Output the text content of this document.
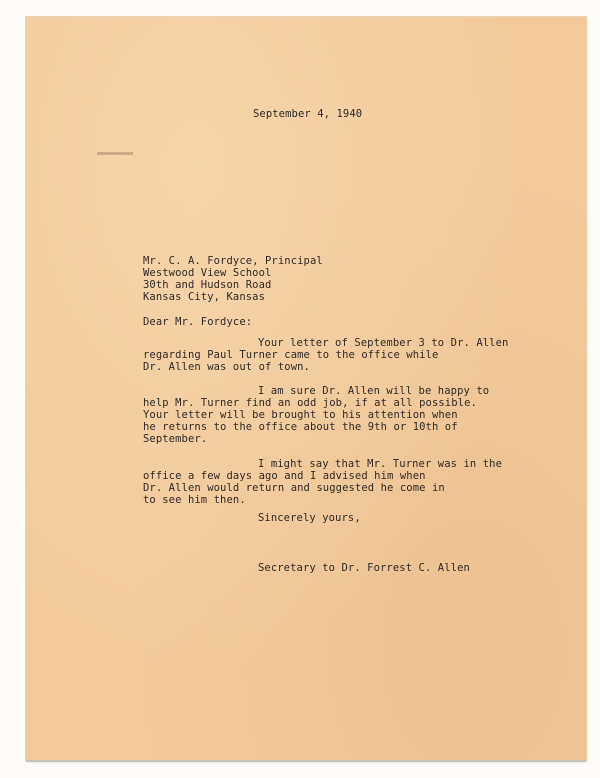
September 4, 1940
Mr. C. A. Fordyce, Principal
Westwood View School
30th and Hudson Road
Kansas City, Kansas
Dear Mr. Fordyce:
Your letter of September 3 to Dr. Allen
regarding Paul Turner came to the office while
Dr. Allen was out of town.
I am sure Dr. Allen will be happy to
help Mr. Turner find an odd job, if at all possible.
Your letter will be brought to his attention when
he returns to the office about the 9th or 10th of
September.
I might say that Mr. Turner was in the
office a few days ago and I advised him when
Dr. Allen would return and suggested he come in
to see him then.
Sincerely yours,
Secretary to Dr. Forrest C. Allen
